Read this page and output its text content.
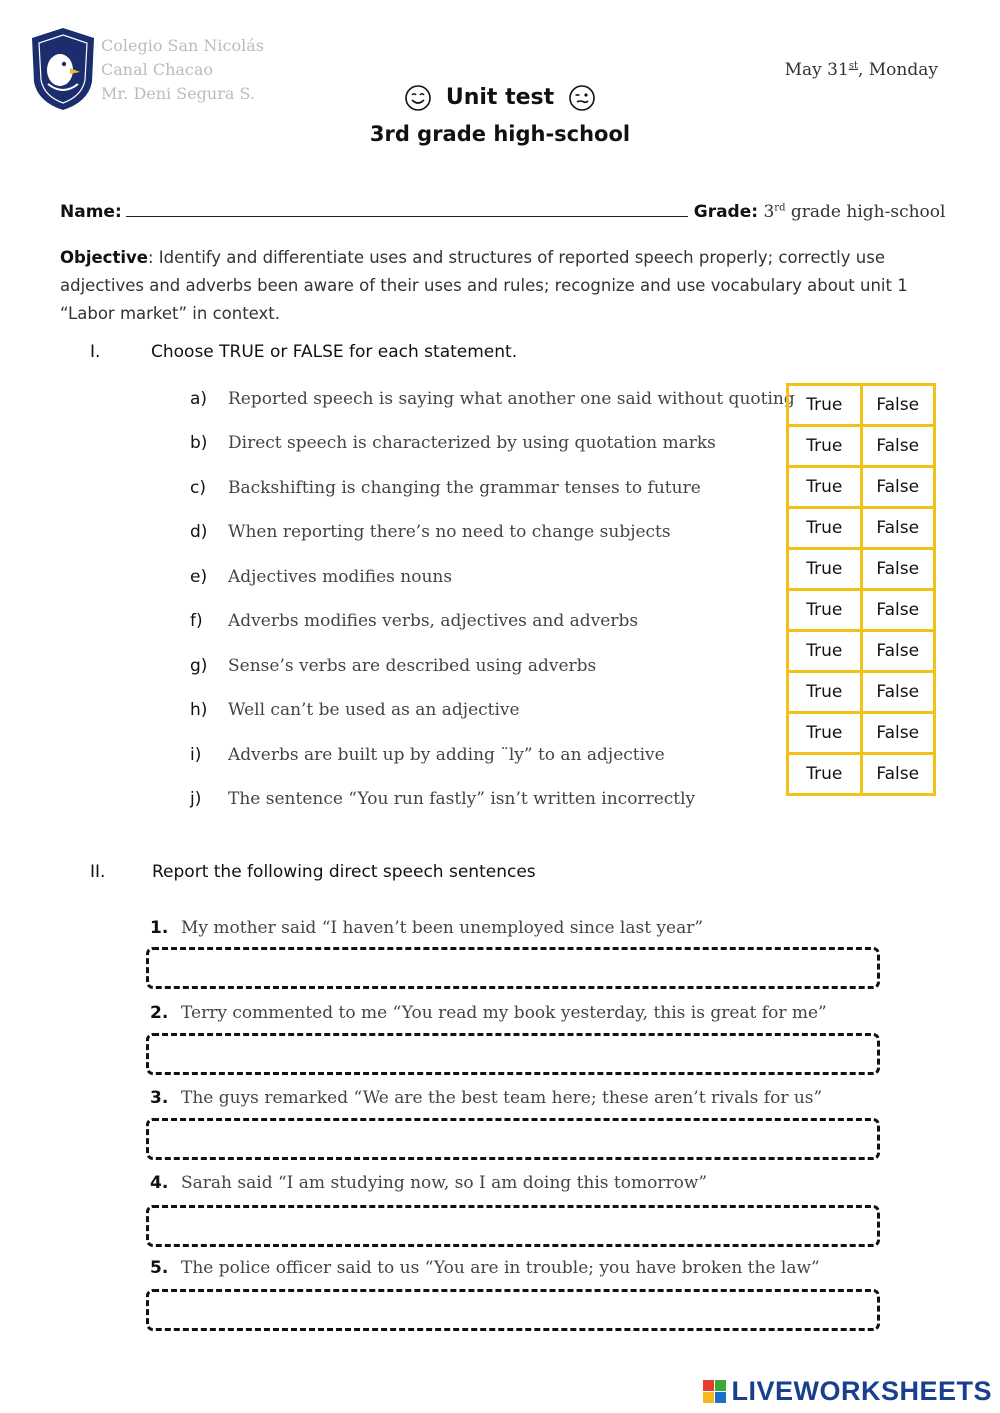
Colegio San Nicolás
Canal Chacao
Mr. Deni Segura S.
May 31st, Monday
Unit test
3rd grade high-school
Name:	Grade: 3rd grade high-school
Objective: Identify and differentiate uses and structures of reported speech properly; correctly use adjectives and adverbs been aware of their uses and rules; recognize and use vocabulary about unit 1 “Labor market” in context.
I.	Choose TRUE or FALSE for each statement.
a) Reported speech is saying what another one said without quoting
b) Direct speech is characterized by using quotation marks
c) Backshifting is changing the grammar tenses to future
d) When reporting there’s no need to change subjects
e) Adjectives modifies nouns
f) Adverbs modifies verbs, adjectives and adverbs
g) Sense’s verbs are described using adverbs
h) Well can’t be used as an adjective
i) Adverbs are built up by adding ¨ly” to an adjective
j) The sentence “You run fastly” isn’t written incorrectly
True	False
True	False
True	False
True	False
True	False
True	False
True	False
True	False
True	False
True	False
II.	Report the following direct speech sentences
1. My mother said “I haven’t been unemployed since last year”
2. Terry commented to me “You read my book yesterday, this is great for me”
3. The guys remarked “We are the best team here; these aren’t rivals for us”
4. Sarah said “I am studying now, so I am doing this tomorrow”
5. The police officer said to us “You are in trouble; you have broken the law”
LIVEWORKSHEETS
